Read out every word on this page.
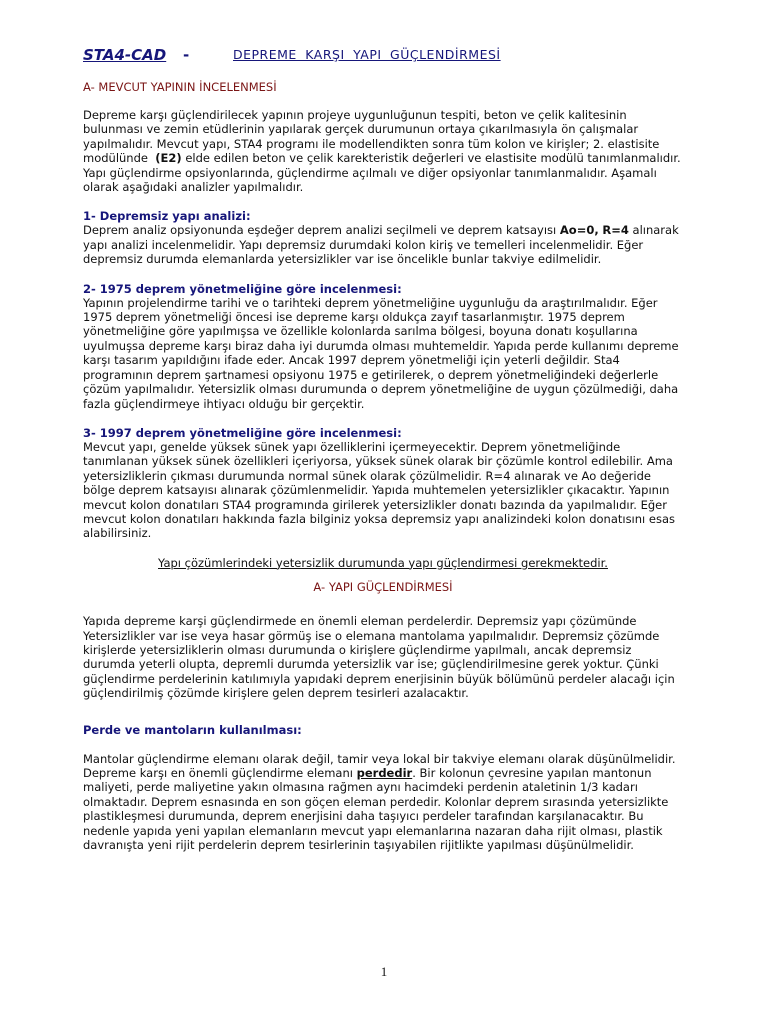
STA4-CAD -	DEPREME KARŞI YAPI GÜÇLENDİRMESİ
A- MEVCUT YAPININ İNCELENMESİ

Depreme karşı güçlendirilecek yapının projeye uygunluğunun tespiti, beton ve çelik kalitesinin bulunması ve zemin etüdlerinin yapılarak gerçek durumunun ortaya çıkarılmasıyla ön çalışmalar yapılmalıdır. Mevcut yapı, STA4 programı ile modellendikten sonra tüm kolon ve kirişler; 2. elastisite modülünde (E2) elde edilen beton ve çelik karekteristik değerleri ve elastisite modülü tanımlanmalıdır. Yapı güçlendirme opsiyonlarında, güçlendirme açılmalı ve diğer opsiyonlar tanımlanmalıdır. Aşamalı olarak aşağıdaki analizler yapılmalıdır.

1- Depremsiz yapı analizi:

Deprem analiz opsiyonunda eşdeğer deprem analizi seçilmeli ve deprem katsayısı Ao=0, R=4 alınarak yapı analizi incelenmelidir. Yapı depremsiz durumdaki kolon kiriş ve temelleri incelenmelidir. Eğer depremsiz durumda elemanlarda yetersizlikler var ise öncelikle bunlar takviye edilmelidir.

2- 1975 deprem yönetmeliğine göre incelenmesi:

Yapının projelendirme tarihi ve o tarihteki deprem yönetmeliğine uygunluğu da araştırılmalıdır. Eğer 1975 deprem yönetmeliği öncesi ise depreme karşı oldukça zayıf tasarlanmıştır. 1975 deprem yönetmeliğine göre yapılmışsa ve özellikle kolonlarda sarılma bölgesi, boyuna donatı koşullarına uyulmuşsa depreme karşı biraz daha iyi durumda olması muhtemeldir. Yapıda perde kullanımı depreme karşı tasarım yapıldığını ifade eder. Ancak 1997 deprem yönetmeliği için yeterli değildir. Sta4 programının deprem şartnamesi opsiyonu 1975 e getirilerek, o deprem yönetmeliğindeki değerlerle çözüm yapılmalıdır. Yetersizlik olması durumunda o deprem yönetmeliğine de uygun çözülmediği, daha fazla güçlendirmeye ihtiyacı olduğu bir gerçektir.

3- 1997 deprem yönetmeliğine göre incelenmesi:

Mevcut yapı, genelde yüksek sünek yapı özelliklerini içermeyecektir. Deprem yönetmeliğinde tanımlanan yüksek sünek özellikleri içeriyorsa, yüksek sünek olarak bir çözümle kontrol edilebilir. Ama yetersizliklerin çıkması durumunda normal sünek olarak çözülmelidir. R=4 alınarak ve Ao değeride bölge deprem katsayısı alınarak çözümlenmelidir. Yapıda muhtemelen yetersizlikler çıkacaktır. Yapının mevcut kolon donatıları STA4 programında girilerek yetersizlikler donatı bazında da yapılmalıdır. Eğer mevcut kolon donatıları hakkında fazla bilginiz yoksa depremsiz yapı analizindeki kolon donatısını esas alabilirsiniz.

Yapı çözümlerindeki yetersizlik durumunda yapı güçlendirmesi gerekmektedir.

A- YAPI GÜÇLENDİRMESİ

Yapıda depreme karşi güçlendirmede en önemli eleman perdelerdir. Depremsiz yapı çözümünde Yetersizlikler var ise veya hasar görmüş ise o elemana mantolama yapılmalıdır. Depremsiz çözümde kirişlerde yetersizliklerin olması durumunda o kirişlere güçlendirme yapılmalı, ancak depremsiz durumda yeterli olupta, depremli durumda yetersizlik var ise; güçlendirilmesine gerek yoktur. Çünki güçlendirme perdelerinin katılımıyla yapıdaki deprem enerjisinin büyük bölümünü perdeler alacağı için güçlendirilmiş çözümde kirişlere gelen deprem tesirleri azalacaktır.

Perde ve mantoların kullanılması:

Mantolar güçlendirme elemanı olarak değil, tamir veya lokal bir takviye elemanı olarak düşünülmelidir. Depreme karşı en önemli güçlendirme elemanı perdedir. Bir kolonun çevresine yapılan mantonun maliyeti, perde maliyetine yakın olmasına rağmen aynı hacimdeki perdenin ataletinin 1/3 kadarı olmaktadır. Deprem esnasında en son göçen eleman perdedir. Kolonlar deprem sırasında yetersizlikte plastikleşmesi durumunda, deprem enerjisini daha taşıyıcı perdeler tarafından karşılanacaktır. Bu nedenle yapıda yeni yapılan elemanların mevcut yapı elemanlarına nazaran daha rijit olması, plastik davranışta yeni rijit perdelerin deprem tesirlerinin taşıyabilen rijitlikte yapılması düşünülmelidir.

1
